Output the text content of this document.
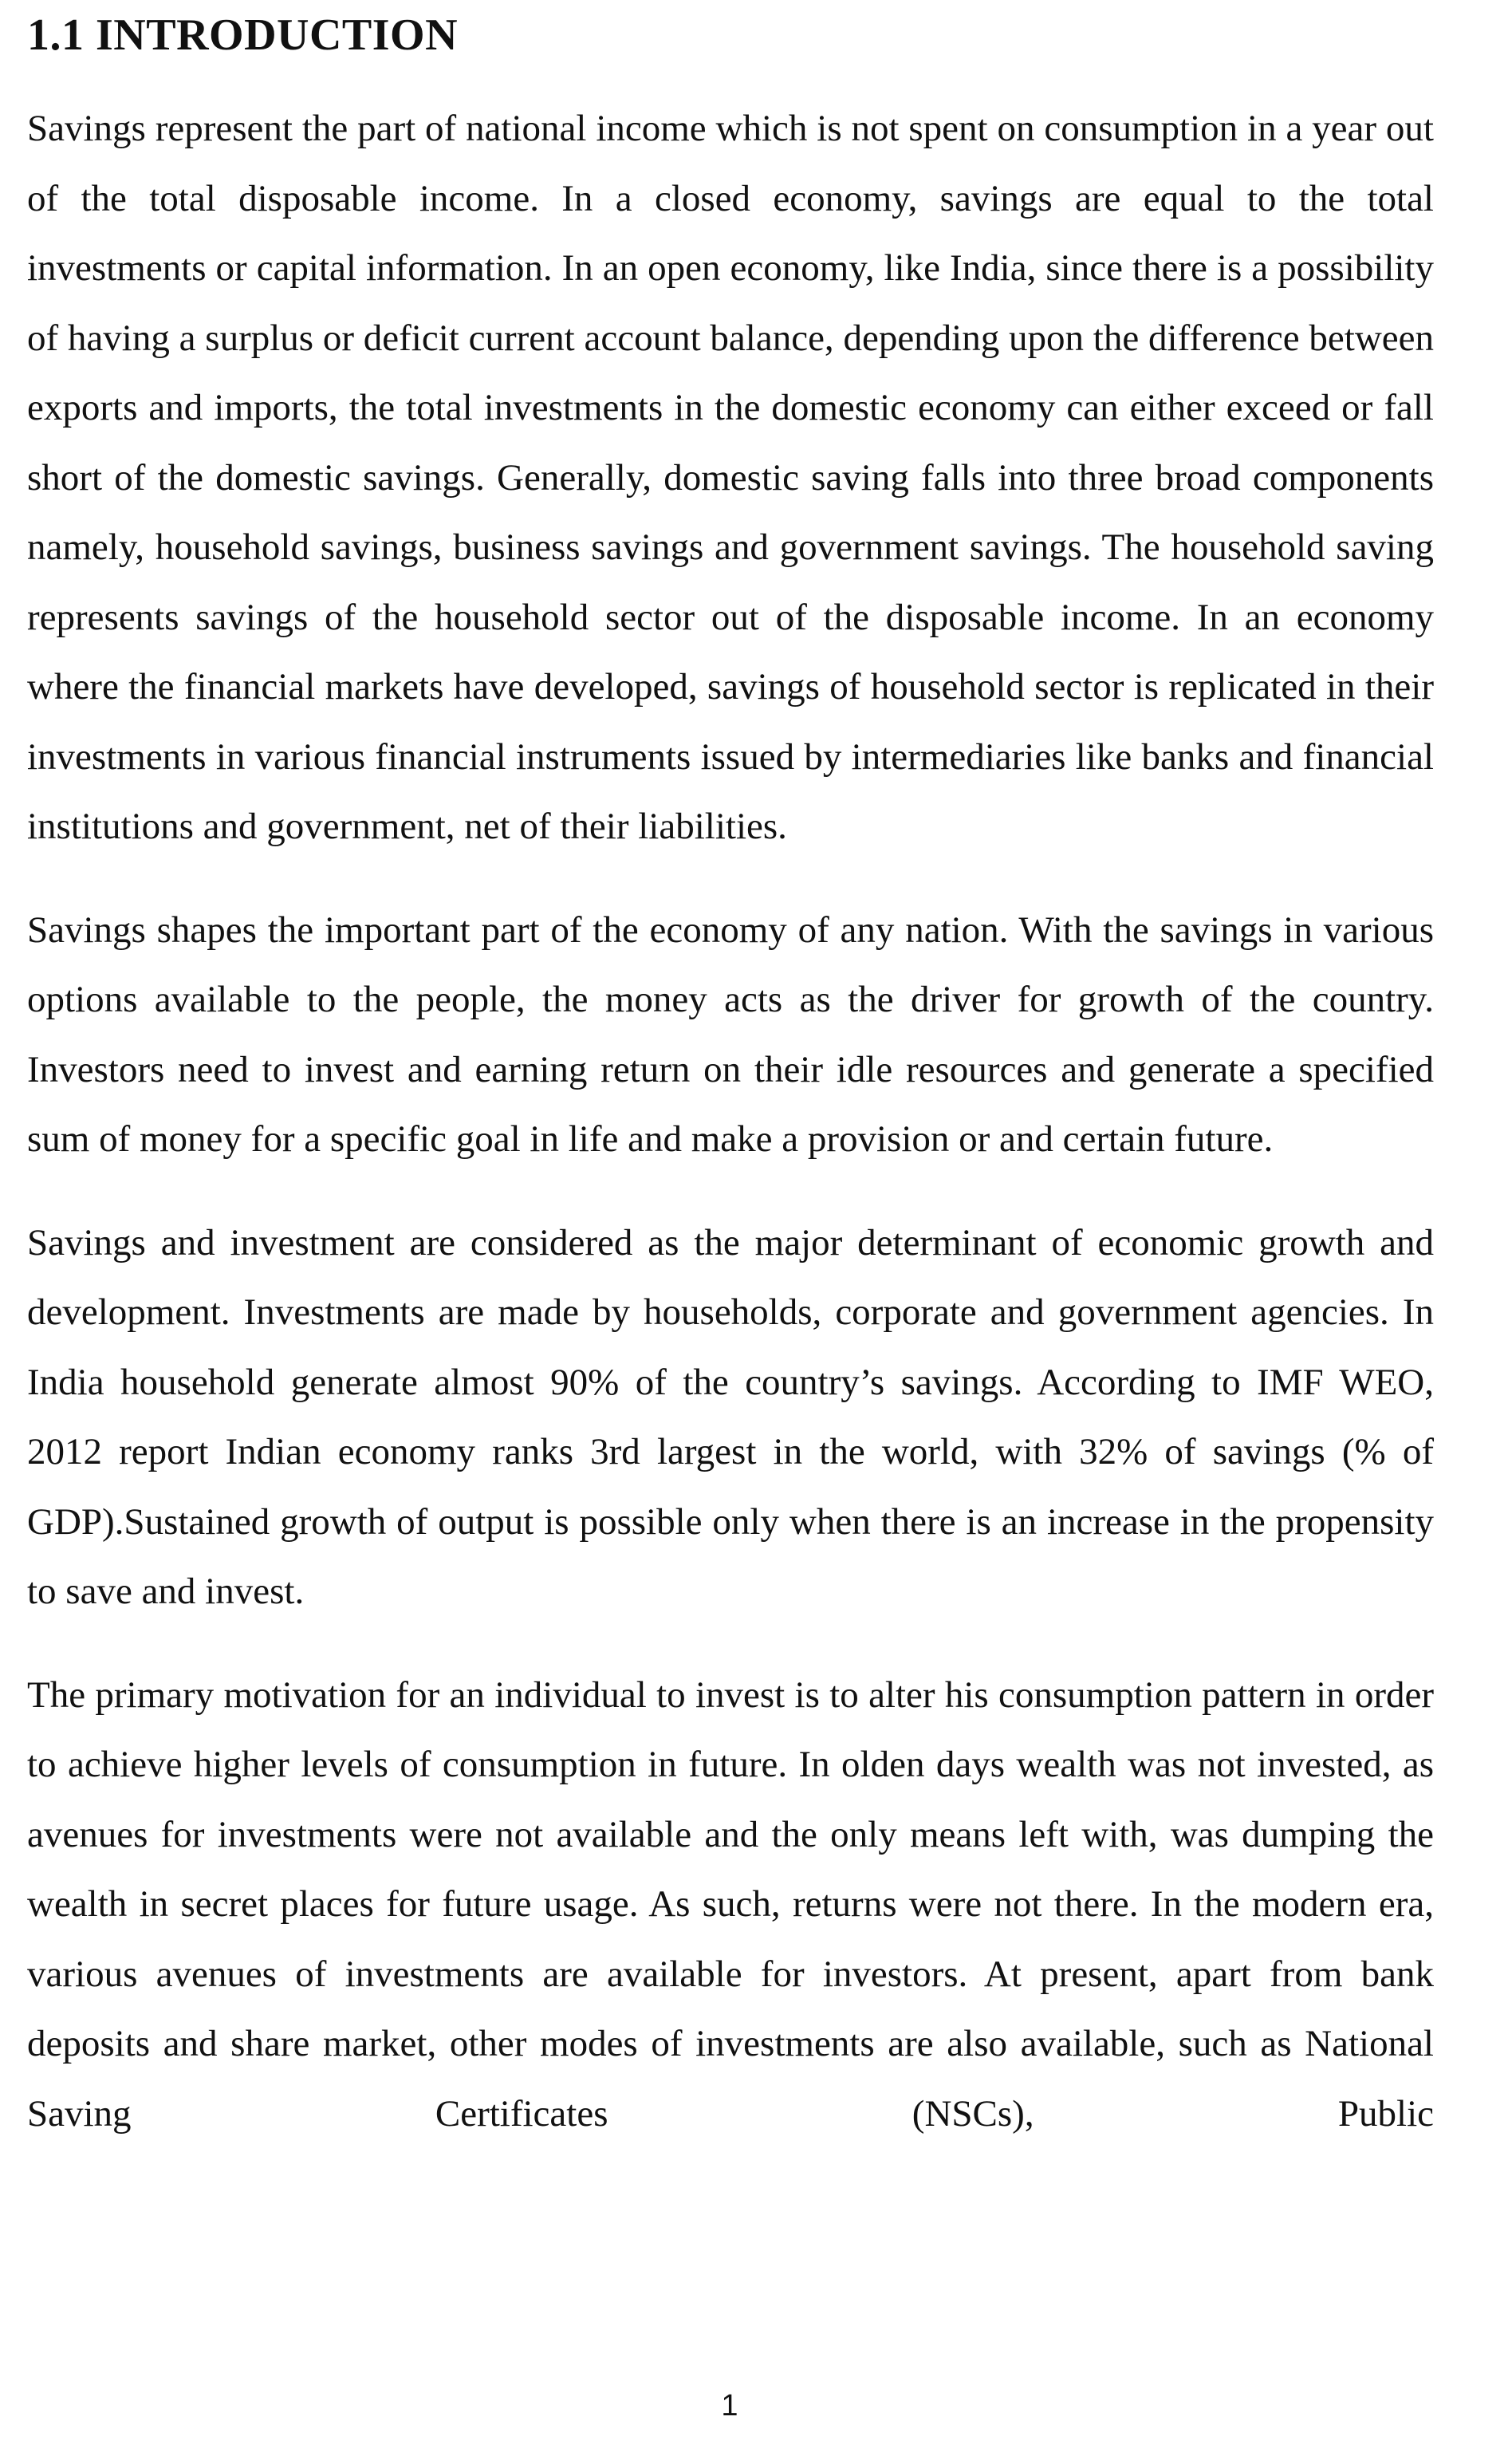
1.1 INTRODUCTION

Savings represent the part of national income which is not spent on consumption in a year out of the total disposable income. In a closed economy, savings are equal to the total investments or capital information. In an open economy, like India, since there is a possibility of having a surplus or deficit current account balance, depending upon the difference between exports and imports, the total investments in the domestic economy can either exceed or fall short of the domestic savings. Generally, domestic saving falls into three broad components namely, household savings, business savings and government savings. The household saving represents savings of the household sector out of the disposable income. In an economy where the financial markets have developed, savings of household sector is replicated in their investments in various financial instruments issued by intermediaries like banks and financial institutions and government, net of their liabilities.

Savings shapes the important part of the economy of any nation. With the savings in various options available to the people, the money acts as the driver for growth of the country. Investors need to invest and earning return on their idle resources and generate a specified sum of money for a specific goal in life and make a provision or and certain future.

Savings and investment are considered as the major determinant of economic growth and development. Investments are made by households, corporate and government agencies. In India household generate almost 90% of the country’s savings. According to IMF WEO, 2012 report Indian economy ranks 3rd largest in the world, with 32% of savings (% of GDP).Sustained growth of output is possible only when there is an increase in the propensity to save and invest.

The primary motivation for an individual to invest is to alter his consumption pattern in order to achieve higher levels of consumption in future. In olden days wealth was not invested, as avenues for investments were not available and the only means left with, was dumping the wealth in secret places for future usage. As such, returns were not there. In the modern era, various avenues of investments are available for investors. At present, apart from bank deposits and share market, other modes of investments are also available, such as National Saving Certificates (NSCs), Public

1
